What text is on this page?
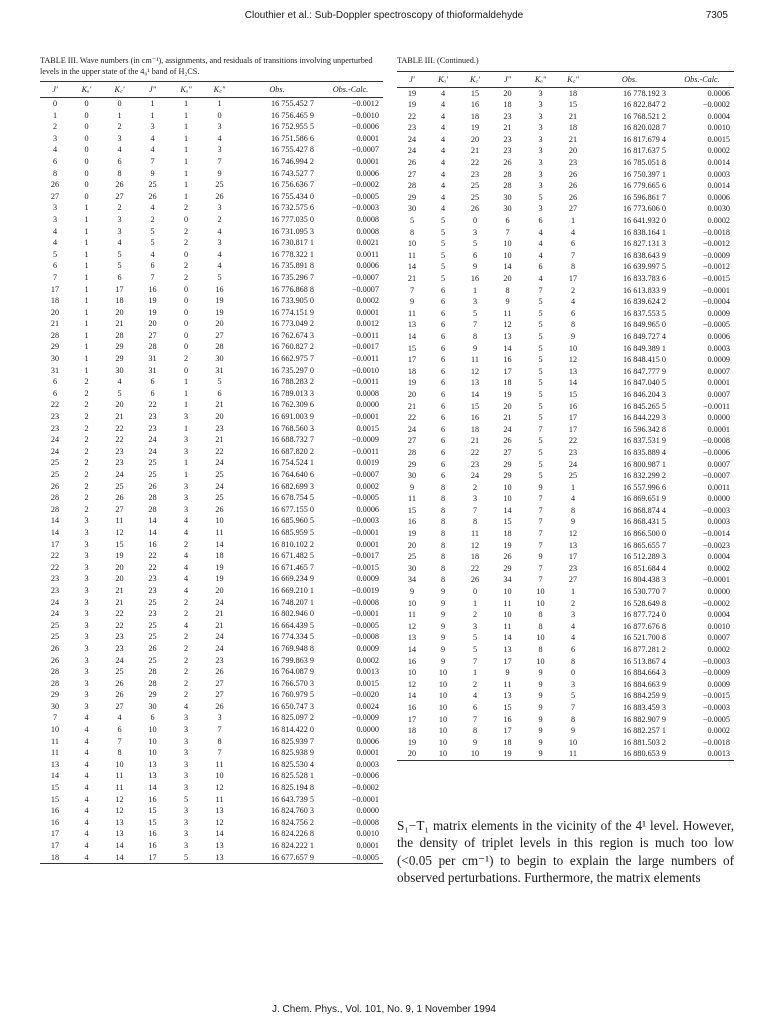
Clouthier et al.: Sub-Doppler spectroscopy of thioformaldehyde	7305
TABLE III. Wave numbers (in cm⁻¹), assignments, and residuals of transitions involving unperturbed levels in the upper state of the 4₀¹ band of H₂CS.
J′	Kₐ′	K꜀′	J″	Kₐ″	K꜀″	Obs.	Obs.-Calc.
0	0	0	1	1	1	16 755.452 7	−0.0012
1	0	1	1	1	0	16 756.465 9	−0.0010
2	0	2	3	1	3	16 752.955 5	−0.0006
3	0	3	4	1	4	16 751.586 6	0.0001
4	0	4	4	1	3	16 755.427 8	−0.0007
6	0	6	7	1	7	16 746.994 2	0.0001
8	0	8	9	1	9	16 743.527 7	0.0006
26	0	26	25	1	25	16 756.636 7	−0.0002
27	0	27	26	1	26	16 755.434 0	−0.0005
3	1	2	4	2	3	16 732.575 6	−0.0003
3	1	3	2	0	2	16 777.035 0	0.0008
4	1	3	5	2	4	16 731.095 3	0.0008
4	1	4	5	2	3	16 730.817 1	0.0021
5	1	5	4	0	4	16 778.322 1	0.0011
6	1	5	6	2	4	16 735.891 8	0.0006
7	1	6	7	2	5	16 735.296 7	−0.0007
17	1	17	16	0	16	16 776.868 8	−0.0007
18	1	18	19	0	19	16 733.905 0	0.0002
20	1	20	19	0	19	16 774.151 9	0.0001
21	1	21	20	0	20	16 773.049 2	0.0012
28	1	28	27	0	27	16 762.674 3	−0.0011
29	1	29	28	0	28	16 760.827 2	−0.0017
30	1	29	31	2	30	16 662.975 7	−0.0011
31	1	30	31	0	31	16 735.297 0	−0.0010
6	2	4	6	1	5	16 788.283 2	−0.0011
6	2	5	6	1	6	16 789.013 3	0.0008
22	2	20	22	1	21	16 762.309 6	0.0000
23	2	21	23	3	20	16 691.003 9	−0.0001
23	2	22	23	1	23	16 768.560 3	0.0015
24	2	22	24	3	21	16 688.732 7	−0.0009
24	2	23	24	3	22	16 687.820 2	−0.0011
25	2	23	25	1	24	16 754.524 1	0.0019
25	2	24	25	1	25	16 764.640 6	−0.0007
26	2	25	26	3	24	16 682.699 3	0.0002
28	2	26	28	3	25	16 678.754 5	−0.0005
28	2	27	28	3	26	16 677.155 0	0.0006
14	3	11	14	4	10	16 685.960 5	−0.0003
14	3	12	14	4	11	16 685.959 5	−0.0001
17	3	15	16	2	14	16 810.102 2	0.0001
22	3	19	22	4	18	16 671.482 5	−0.0017
22	3	20	22	4	19	16 671.465 7	−0.0015
23	3	20	23	4	19	16 669.234 9	0.0009
23	3	21	23	4	20	16 669.210 1	−0.0019
24	3	21	25	2	24	16 748.207 1	−0.0008
24	3	22	23	2	21	16 802.946 0	−0.0001
25	3	22	25	4	21	16 664.439 5	−0.0005
25	3	23	25	2	24	16 774.334 5	−0.0008
26	3	23	26	2	24	16 769.948 8	0.0009
26	3	24	25	2	23	16 799.863 9	0.0002
28	3	25	28	2	26	16 764.087 9	0.0013
28	3	26	28	2	27	16 766.570 3	0.0015
29	3	26	29	2	27	16 760.979 5	−0.0020
30	3	27	30	4	26	16 650.747 3	0.0024
7	4	4	6	3	3	16 825.097 2	−0.0009
10	4	6	10	3	7	16 814.422 0	0.0000
11	4	7	10	3	8	16 825.939 7	0.0006
11	4	8	10	3	7	16 825.938 9	0.0001
13	4	10	13	3	11	16 825.530 4	0.0003
14	4	11	13	3	10	16 825.528 1	−0.0006
15	4	11	14	3	12	16 825.194 8	−0.0002
15	4	12	16	5	11	16 643.739 5	−0.0001
16	4	12	15	3	13	16 824.760 3	0.0000
16	4	13	15	3	12	16 824.756 2	−0.0008
17	4	13	16	3	14	16 824.226 8	0.0010
17	4	14	16	3	13	16 824.222 1	0.0001
18	4	14	17	5	13	16 677.657 9	−0.0005
TABLE III. (Continued.)
J′	Kₐ′	K꜀′	J″	Kₐ″	K꜀″	Obs.	Obs.-Calc.
19	4	15	20	3	18	16 778.192 3	0.0006
19	4	16	18	3	15	16 822.847 2	−0.0002
22	4	18	23	3	21	16 768.521 2	0.0004
23	4	19	21	3	18	16 820.028 7	0.0010
24	4	20	23	3	21	16 817.679 4	0.0015
24	4	21	23	3	20	16 817.637 5	0.0002
26	4	22	26	3	23	16 785.051 8	0.0014
27	4	23	28	3	26	16 750.397 1	0.0003
28	4	25	28	3	26	16 779.665 6	0.0014
29	4	25	30	5	26	16 596.861 7	0.0006
30	4	26	30	3	27	16 773.606 0	0.0030
5	5	0	6	6	1	16 641.932 0	0.0002
8	5	3	7	4	4	16 838.164 1	−0.0018
10	5	5	10	4	6	16 827.131 3	−0.0012
11	5	6	10	4	7	16 838.643 9	−0.0009
14	5	9	14	6	8	16 639.997 5	−0.0012
21	5	16	20	4	17	16 833.783 6	−0.0015
7	6	1	8	7	2	16 613.833 9	−0.0001
9	6	3	9	5	4	16 839.624 2	−0.0004
11	6	5	11	5	6	16 837.553 5	0.0009
13	6	7	12	5	8	16 849.965 0	−0.0005
14	6	8	13	5	9	16 849.727 4	0.0006
15	6	9	14	5	10	16 849.389 1	0.0003
17	6	11	16	5	12	16 848.415 0	0.0009
18	6	12	17	5	13	16 847.777 9	0.0007
19	6	13	18	5	14	16 847.040 5	0.0001
20	6	14	19	5	15	16 846.204 3	0.0007
21	6	15	20	5	16	16 845.265 5	−0.0011
22	6	16	21	5	17	16 844.229 3	0.0000
24	6	18	24	7	17	16 596.342 8	0.0001
27	6	21	26	5	22	16 837.531 9	−0.0008
28	6	22	27	5	23	16 835.889 4	−0.0006
29	6	23	29	5	24	16 800.987 1	0.0007
30	6	24	29	5	25	16 832.299 2	−0.0007
9	8	2	10	9	1	16 557.996 6	0.0011
11	8	3	10	7	4	16 869.651 9	0.0000
15	8	7	14	7	8	16 868.874 4	−0.0003
16	8	8	15	7	9	16 868.431 5	0.0003
19	8	11	18	7	12	16 866.500 0	−0.0014
20	8	12	19	7	13	16 865.655 7	−0.0023
25	8	18	26	9	17	16 512.289 3	0.0004
30	8	22	29	7	23	16 851.684 4	0.0002
34	8	26	34	7	27	16 804.438 3	−0.0001
9	9	0	10	10	1	16 530.770 7	0.0000
10	9	1	11	10	2	16 528.649 8	−0.0002
11	9	2	10	8	3	16 877.724 0	0.0004
12	9	3	11	8	4	16 877.676 8	0.0010
13	9	5	14	10	4	16 521.700 8	0.0007
14	9	5	13	8	6	16 877.281 2	0.0002
16	9	7	17	10	8	16 513.867 4	−0.0003
10	10	1	9	9	0	16 884.664 3	−0.0009
12	10	2	11	9	3	16 884.663 9	0.0009
14	10	4	13	9	5	16 884.259 9	−0.0015
16	10	6	15	9	7	16 883.459 3	−0.0003
17	10	7	16	9	8	16 882.907 9	−0.0005
18	10	8	17	9	9	16 882.257 1	0.0002
19	10	9	18	9	10	16 881.503 2	−0.0018
20	10	10	19	9	11	16 880.653 9	0.0013
S₁−T₁ matrix elements in the vicinity of the 4¹ level. However, the density of triplet levels in this region is much too low (<0.05 per cm⁻¹) to begin to explain the large numbers of observed perturbations. Furthermore, the matrix elements
J. Chem. Phys., Vol. 101, No. 9, 1 November 1994
